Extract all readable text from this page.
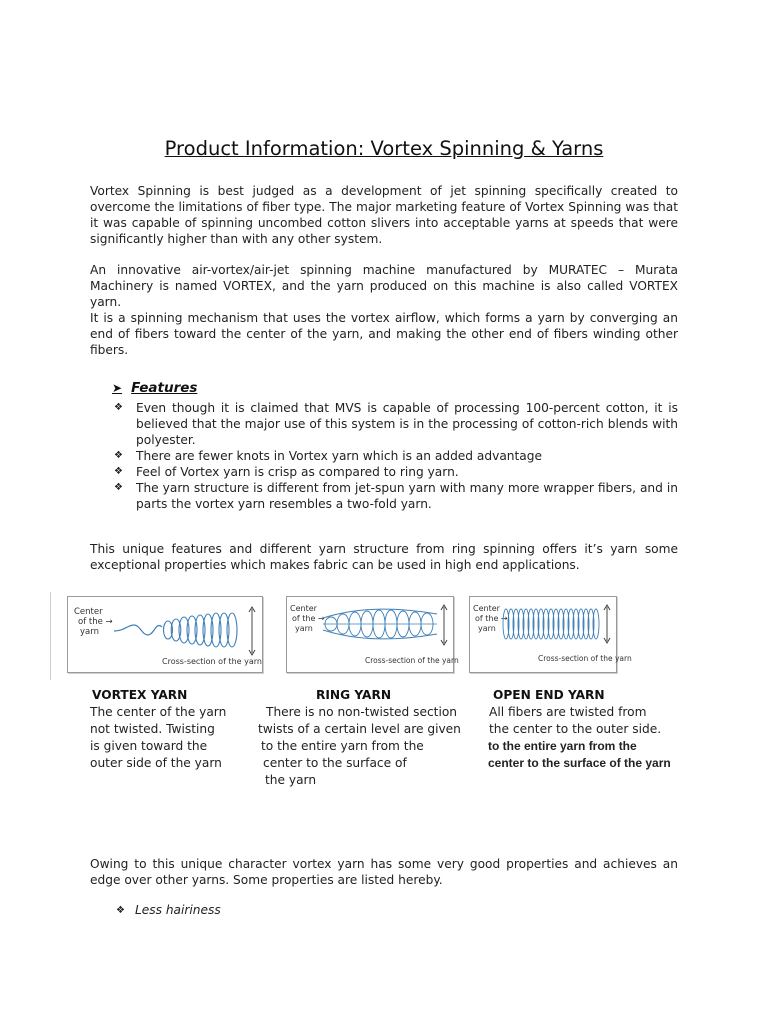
Product Information: Vortex Spinning & Yarns

Vortex Spinning is best judged as a development of jet spinning specifically created to overcome the limitations of fiber type. The major marketing feature of Vortex Spinning was that it was capable of spinning uncombed cotton slivers into acceptable yarns at speeds that were significantly higher than with any other system.

An innovative air-vortex/air-jet spinning machine manufactured by MURATEC – Murata Machinery is named VORTEX, and the yarn produced on this machine is also called VORTEX yarn.

It is a spinning mechanism that uses the vortex airflow, which forms a yarn by converging an end of fibers toward the center of the yarn, and making the other end of fibers winding other fibers.

➤ Features
❖ Even though it is claimed that MVS is capable of processing 100-percent cotton, it is believed that the major use of this system is in the processing of cotton-rich blends with polyester.
❖ There are fewer knots in Vortex yarn which is an added advantage
❖ Feel of Vortex yarn is crisp as compared to ring yarn.
❖ The yarn structure is different from jet-spun yarn with many more wrapper fibers, and in parts the vortex yarn resembles a two-fold yarn.

This unique features and different yarn structure from ring spinning offers it’s yarn some exceptional properties which makes fabric can be used in high end applications.

Center
of the →
yarn
Cross-section of the yarn
Center
of the →
yarn
Cross-section of the yarn
Center
of the →
yarn
Cross-section of the yarn
VORTEX YARN
The center of the yarn
not twisted. Twisting
is given toward the
outer side of the yarn
RING YARN
There is no non-twisted section
twists of a certain level are given
to the entire yarn from the
center to the surface of
the yarn
OPEN END YARN
All fibers are twisted from
the center to the outer side.
to the entire yarn from the
center to the surface of the yarn

Owing to this unique character vortex yarn has some very good properties and achieves an edge over other yarns. Some properties are listed hereby.

❖ Less hairiness
